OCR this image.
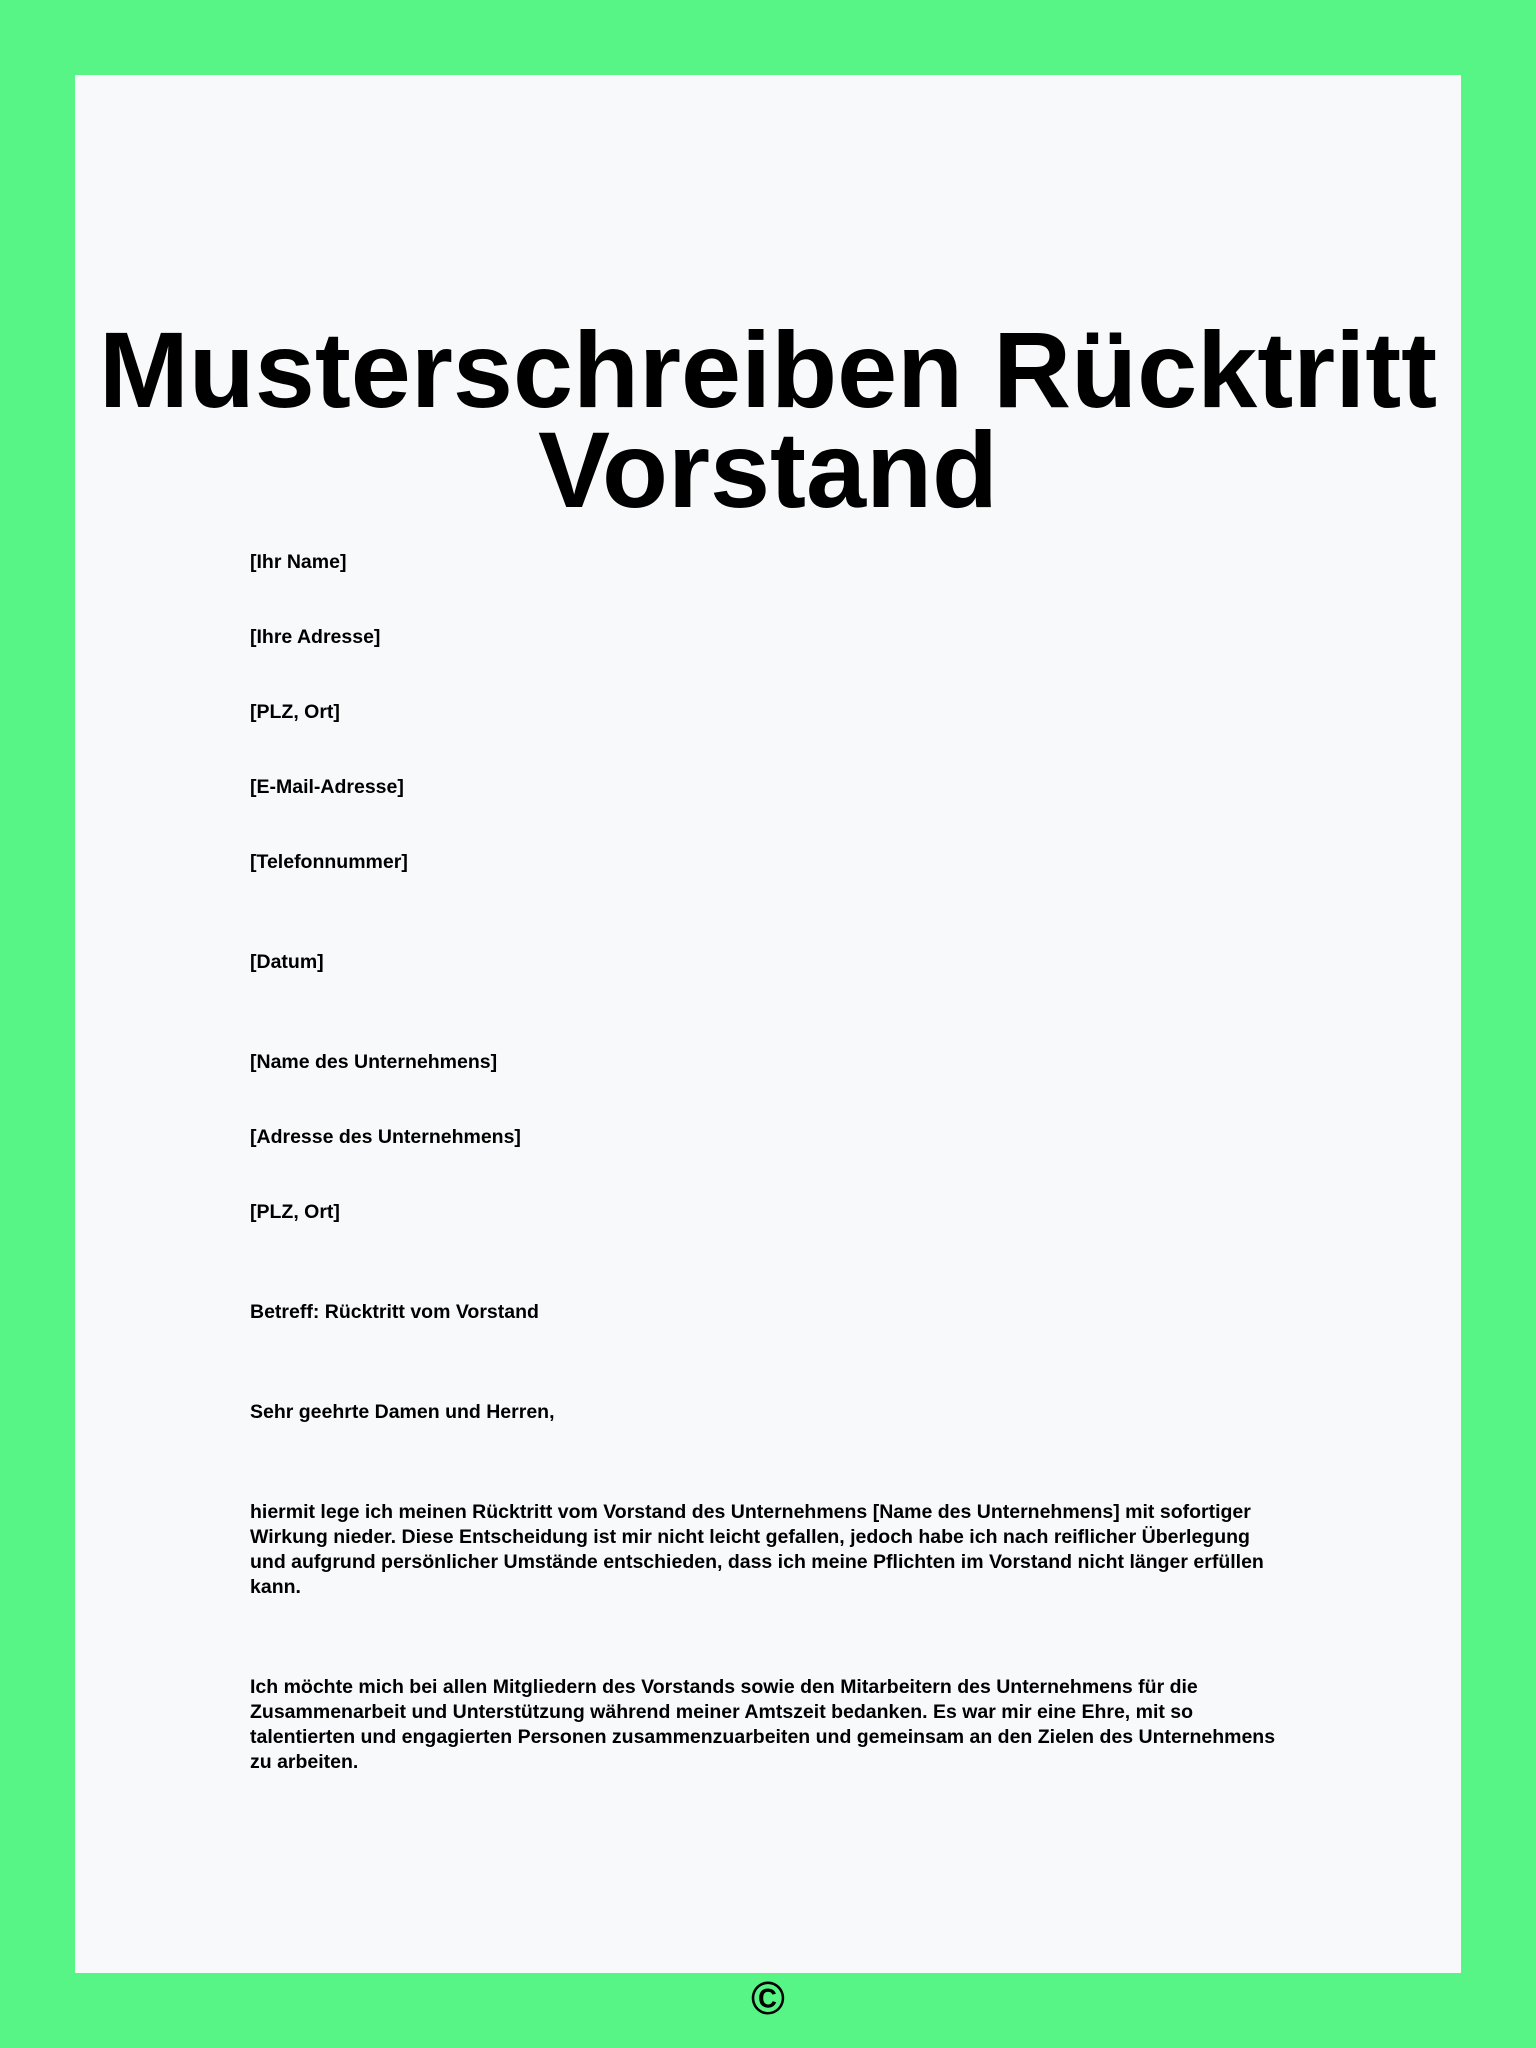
Musterschreiben Rücktritt Vorstand

[Ihr Name]

[Ihre Adresse]

[PLZ, Ort]

[E-Mail-Adresse]

[Telefonnummer]

[Datum]

[Name des Unternehmens]

[Adresse des Unternehmens]

[PLZ, Ort]

Betreff: Rücktritt vom Vorstand

Sehr geehrte Damen und Herren,

hiermit lege ich meinen Rücktritt vom Vorstand des Unternehmens [Name des Unternehmens] mit sofortiger Wirkung nieder. Diese Entscheidung ist mir nicht leicht gefallen, jedoch habe ich nach reiflicher Überlegung und aufgrund persönlicher Umstände entschieden, dass ich meine Pflichten im Vorstand nicht länger erfüllen kann.

Ich möchte mich bei allen Mitgliedern des Vorstands sowie den Mitarbeitern des Unternehmens für die Zusammenarbeit und Unterstützung während meiner Amtszeit bedanken. Es war mir eine Ehre, mit so talentierten und engagierten Personen zusammenzuarbeiten und gemeinsam an den Zielen des Unternehmens zu arbeiten.

©
